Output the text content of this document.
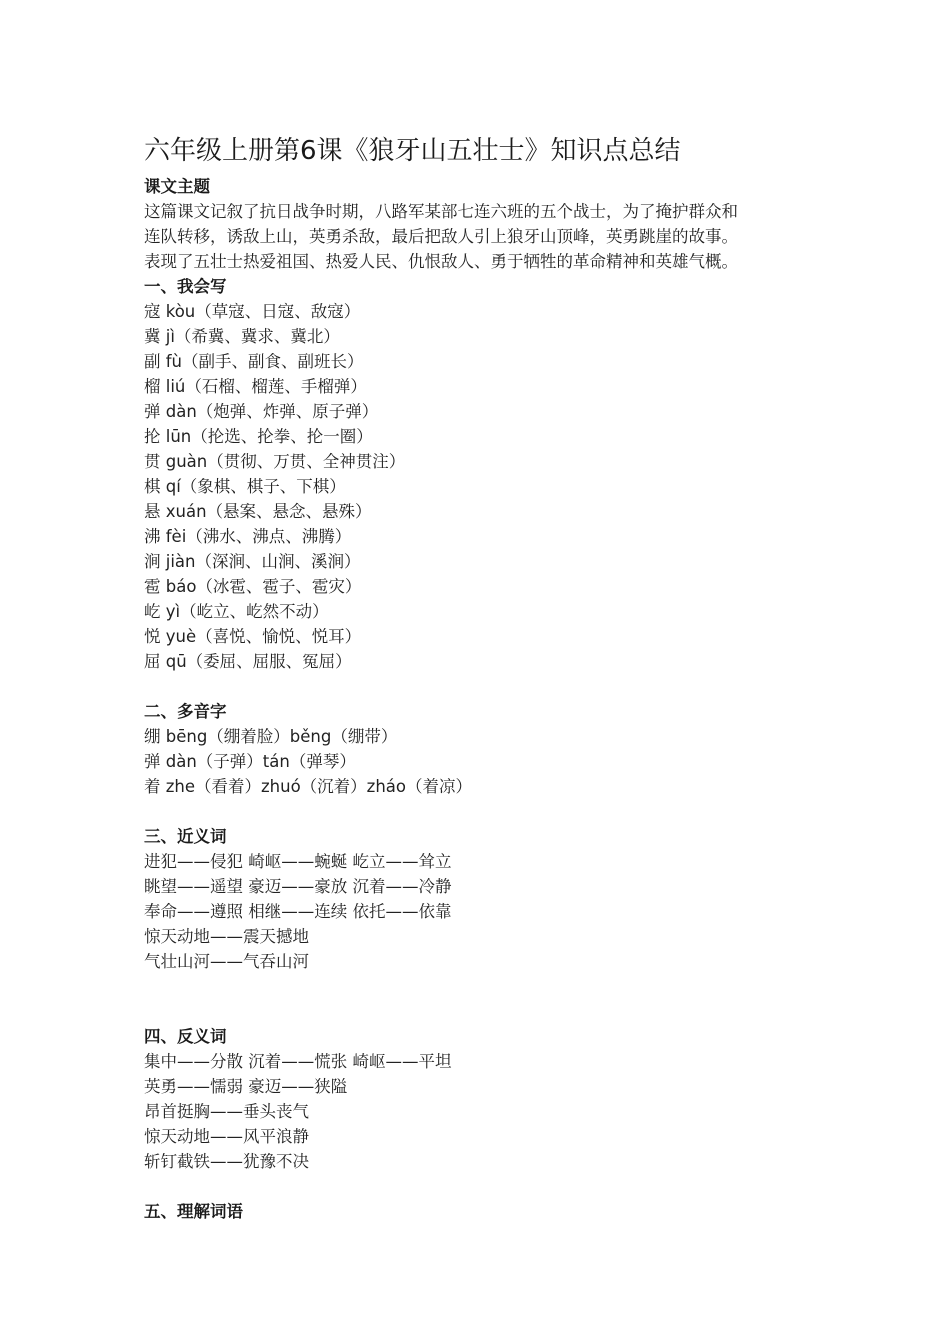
六年级上册第6课《狼牙山五壮士》知识点总结

课文主题

这篇课文记叙了抗日战争时期，八路军某部七连六班的五个战士，为了掩护群众和

连队转移，诱敌上山，英勇杀敌，最后把敌人引上狼牙山顶峰，英勇跳崖的故事。

表现了五壮士热爱祖国、热爱人民、仇恨敌人、勇于牺牲的革命精神和英雄气概。

一、我会写

寇 kòu（草寇、日寇、敌寇）

冀 jì（希冀、冀求、冀北）

副 fù（副手、副食、副班长）

榴 liú（石榴、榴莲、手榴弹）

弹 dàn（炮弹、炸弹、原子弹）

抡 lūn（抡选、抡拳、抡一圈）

贯 guàn（贯彻、万贯、全神贯注）

棋 qí（象棋、棋子、下棋）

悬 xuán（悬案、悬念、悬殊）

沸 fèi（沸水、沸点、沸腾）

涧 jiàn（深涧、山涧、溪涧）

雹 báo（冰雹、雹子、雹灾）

屹 yì（屹立、屹然不动）

悦 yuè（喜悦、愉悦、悦耳）

屈 qū（委屈、屈服、冤屈）

二、多音字

绷 bēng（绷着脸）běng（绷带）

弹 dàn（子弹）tán（弹琴）

着 zhe（看着）zhuó（沉着）zháo（着凉）

三、近义词

进犯——侵犯 崎岖——蜿蜒 屹立——耸立

眺望——遥望 豪迈——豪放 沉着——冷静

奉命——遵照 相继——连续 依托——依靠

惊天动地——震天撼地

气壮山河——气吞山河

四、反义词

集中——分散 沉着——慌张 崎岖——平坦

英勇——懦弱 豪迈——狭隘

昂首挺胸——垂头丧气

惊天动地——风平浪静

斩钉截铁——犹豫不决

五、理解词语
